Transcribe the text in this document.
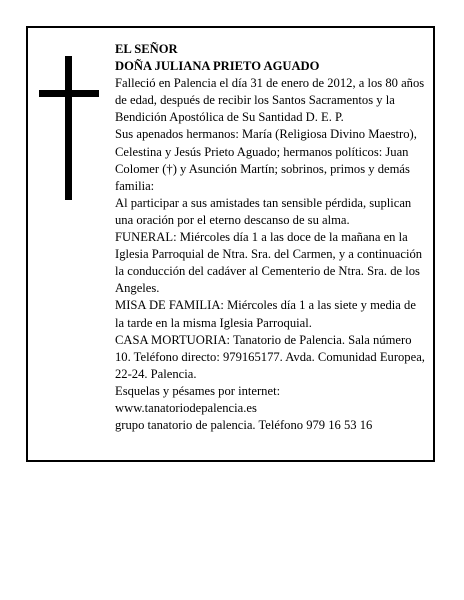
EL SEÑOR

DOÑA JULIANA PRIETO AGUADO

Falleció en Palencia el día 31 de enero de 2012, a los 80 años de edad, después de recibir los Santos Sacramentos y la Bendición Apostólica de Su Santidad D. E. P.

Sus apenados hermanos: María (Religiosa Divino Maestro), Celestina y Jesús Prieto Aguado; hermanos políticos: Juan Colomer (†) y Asunción Martín; sobrinos, primos y demás familia:

Al participar a sus amistades tan sensible pérdida, suplican una oración por el eterno descanso de su alma.

FUNERAL: Miércoles día 1 a las doce de la mañana en la Iglesia Parroquial de Ntra. Sra. del Carmen, y a continuación la conducción del cadáver al Cementerio de Ntra. Sra. de los Angeles.

MISA DE FAMILIA: Miércoles día 1 a las siete y media de la tarde en la misma Iglesia Parroquial.

CASA MORTUORIA: Tanatorio de Palencia. Sala número 10. Teléfono directo: 979165177. Avda. Comunidad Europea, 22-24. Palencia.

Esquelas y pésames por internet:

www.tanatoriodepalencia.es

grupo tanatorio de palencia. Teléfono 979 16 53 16
